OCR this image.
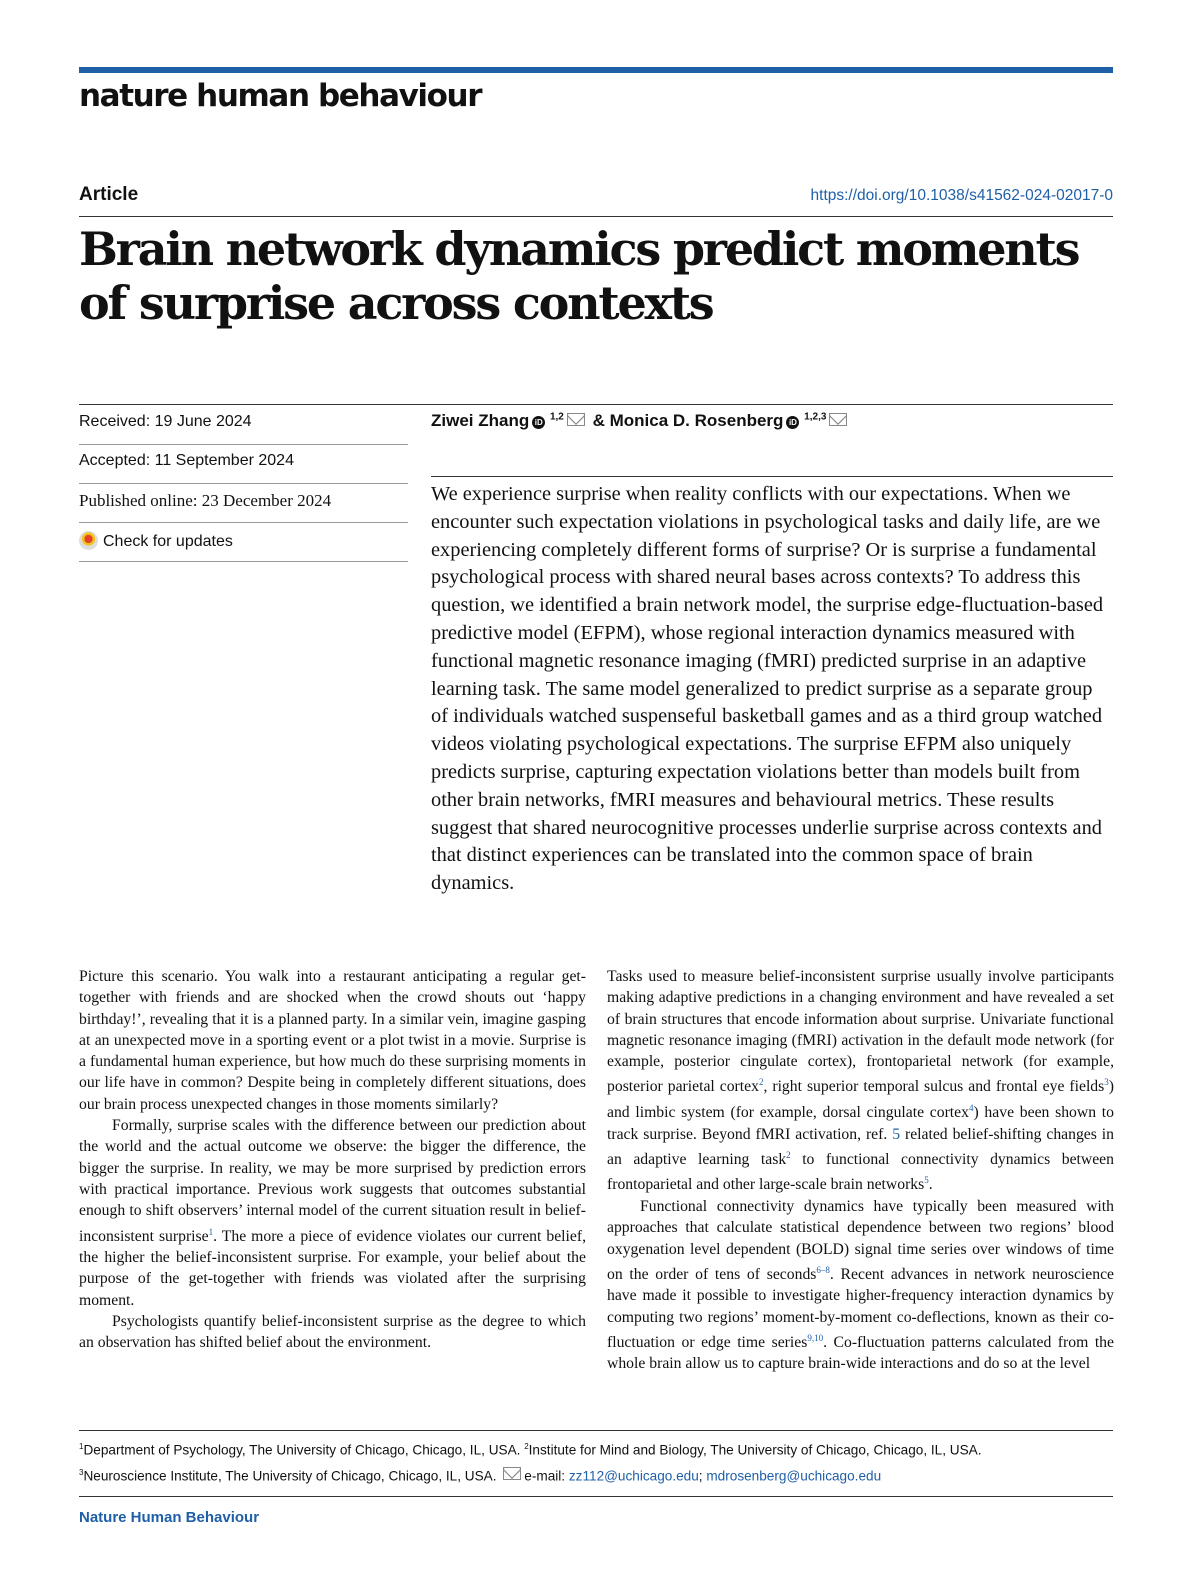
nature human behaviour
Article	https://doi.org/10.1038/s41562-024-02017-0
Brain network dynamics predict moments of surprise across contexts
Received: 19 June 2024
Accepted: 11 September 2024
Published online: 23 December 2024
Check for updates
Ziwei Zhang iD $^{1,2}$ & Monica D. Rosenberg iD $^{1,2,3}$

We experience surprise when reality conflicts with our expectations. When we encounter such expectation violations in psychological tasks and daily life, are we experiencing completely different forms of surprise? Or is surprise a fundamental psychological process with shared neural bases across contexts? To address this question, we identified a brain network model, the surprise edge-fluctuation-based predictive model (EFPM), whose regional interaction dynamics measured with functional magnetic resonance imaging (fMRI) predicted surprise in an adaptive learning task. The same model generalized to predict surprise as a separate group of individuals watched suspenseful basketball games and as a third group watched videos violating psychological expectations. The surprise EFPM also uniquely predicts surprise, capturing expectation violations better than models built from other brain networks, fMRI measures and behavioural metrics. These results suggest that shared neurocognitive processes underlie surprise across contexts and that distinct experiences can be translated into the common space of brain dynamics.

Picture this scenario. You walk into a restaurant anticipating a regular get-together with friends and are shocked when the crowd shouts out ‘happy birthday!’, revealing that it is a planned party. In a similar vein, imagine gasping at an unexpected move in a sporting event or a plot twist in a movie. Surprise is a fundamental human experience, but how much do these surprising moments in our life have in common? Despite being in completely different situations, does our brain process unexpected changes in those moments similarly?

Formally, surprise scales with the difference between our prediction about the world and the actual outcome we observe: the bigger the difference, the bigger the surprise. In reality, we may be more surprised by prediction errors with practical importance. Previous work suggests that outcomes substantial enough to shift observers’ internal model of the current situation result in belief-inconsistent surprise$^1$. The more a piece of evidence violates our current belief, the higher the belief-inconsistent surprise. For example, your belief about the purpose of the get-together with friends was violated after the surprising moment.

Psychologists quantify belief-inconsistent surprise as the degree to which an observation has shifted belief about the environment.

Tasks used to measure belief-inconsistent surprise usually involve participants making adaptive predictions in a changing environment and have revealed a set of brain structures that encode information about surprise. Univariate functional magnetic resonance imaging (fMRI) activation in the default mode network (for example, posterior cingulate cortex), frontoparietal network (for example, posterior parietal cortex$^2$, right superior temporal sulcus and frontal eye fields$^3$) and limbic system (for example, dorsal cingulate cortex$^4$) have been shown to track surprise. Beyond fMRI activation, ref. 5 related belief-shifting changes in an adaptive learning task$^2$ to functional connectivity dynamics between frontoparietal and other large-scale brain networks$^5$.

Functional connectivity dynamics have typically been measured with approaches that calculate statistical dependence between two regions’ blood oxygenation level dependent (BOLD) signal time series over windows of time on the order of tens of seconds$^{6-8}$. Recent advances in network neuroscience have made it possible to investigate higher-frequency interaction dynamics by computing two regions’ moment-by-moment co-deflections, known as their co-fluctuation or edge time series$^{9,10}$. Co-fluctuation patterns calculated from the whole brain allow us to capture brain-wide interactions and do so at the level

$^1$Department of Psychology, The University of Chicago, Chicago, IL, USA. $^2$Institute for Mind and Biology, The University of Chicago, Chicago, IL, USA.
$^3$Neuroscience Institute, The University of Chicago, Chicago, IL, USA. e-mail: zz112@uchicago.edu; mdrosenberg@uchicago.edu
Nature Human Behaviour
